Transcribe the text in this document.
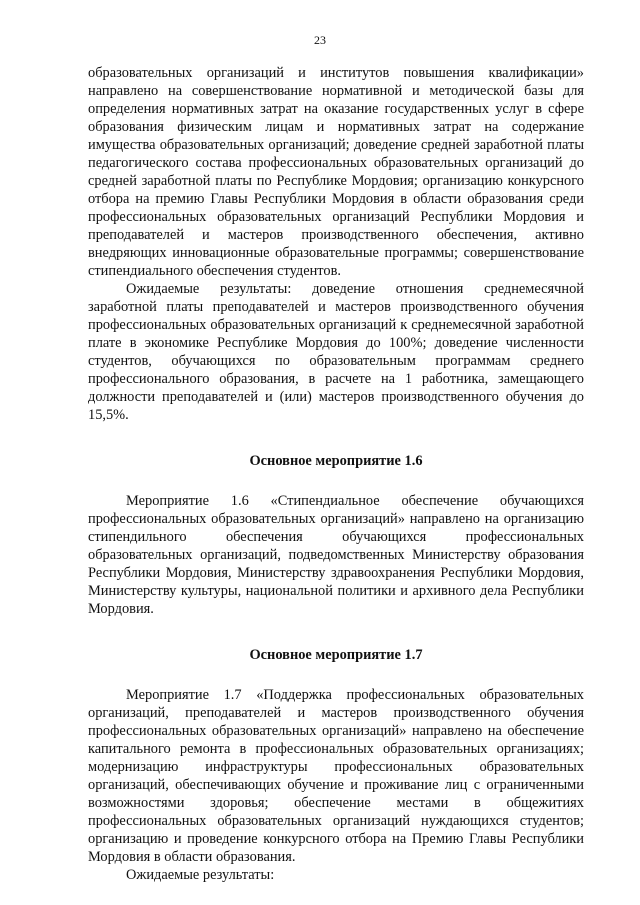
23

образовательных организаций и институтов повышения квалификации» направлено на совершенствование нормативной и методической базы для определения нормативных затрат на оказание государственных услуг в сфере образования физическим лицам и нормативных затрат на содержание имущества образовательных организаций; доведение средней заработной платы педагогического состава профессиональных образовательных организаций до средней заработной платы по Республике Мордовия; организацию конкурсного отбора на премию Главы Республики Мордовия в области образования среди профессиональных образовательных организаций Республики Мордовия и преподавателей и мастеров производственного обеспечения, активно внедряющих инновационные образовательные программы; совершенствование стипендиального обеспечения студентов.

Ожидаемые результаты: доведение отношения среднемесячной заработной платы преподавателей и мастеров производственного обучения профессиональных образовательных организаций к среднемесячной заработной плате в экономике Республике Мордовия до 100%; доведение численности студентов, обучающихся по образовательным программам среднего профессионального образования, в расчете на 1 работника, замещающего должности преподавателей и (или) мастеров производственного обучения до 15,5%.

Основное мероприятие 1.6

Мероприятие 1.6 «Стипендиальное обеспечение обучающихся профессиональных образовательных организаций» направлено на организацию стипендильного обеспечения обучающихся профессиональных образовательных организаций, подведомственных Министерству образования Республики Мордовия, Министерству здравоохранения Республики Мордовия, Министерству культуры, национальной политики и архивного дела Республики Мордовия.

Основное мероприятие 1.7

Мероприятие 1.7 «Поддержка профессиональных образовательных организаций, преподавателей и мастеров производственного обучения профессиональных образовательных организаций» направлено на обеспечение капитального ремонта в профессиональных образовательных организациях; модернизацию инфраструктуры профессиональных образовательных организаций, обеспечивающих обучение и проживание лиц с ограниченными возможностями здоровья; обеспечение местами в общежитиях профессиональных образовательных организаций нуждающихся студентов; организацию и проведение конкурсного отбора на Премию Главы Республики Мордовия в области образования.

Ожидаемые результаты:
